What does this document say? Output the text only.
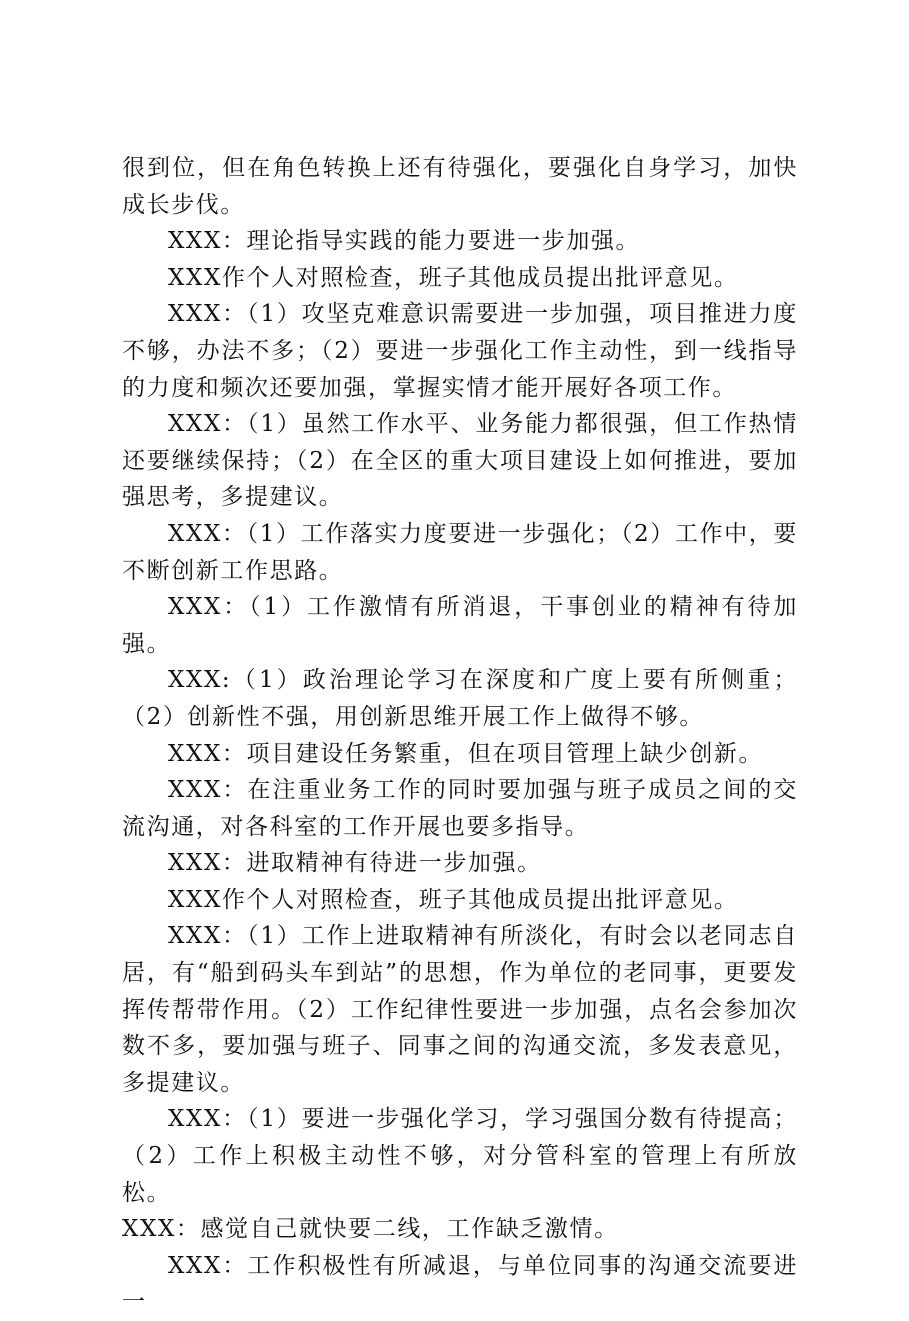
很到位，但在角色转换上还有待强化，要强化自身学习，加快成长步伐。

XXX：理论指导实践的能力要进一步加强。

XXX作个人对照检查，班子其他成员提出批评意见。

XXX：（1）攻坚克难意识需要进一步加强，项目推进力度不够，办法不多；（2）要进一步强化工作主动性，到一线指导的力度和频次还要加强，掌握实情才能开展好各项工作。

XXX：（1）虽然工作水平、业务能力都很强，但工作热情还要继续保持；（2）在全区的重大项目建设上如何推进，要加强思考，多提建议。

XXX：（1）工作落实力度要进一步强化；（2）工作中，要不断创新工作思路。

XXX：（1）工作激情有所消退，干事创业的精神有待加强。

XXX:（1）政治理论学习在深度和广度上要有所侧重；（2）创新性不强，用创新思维开展工作上做得不够。

XXX：项目建设任务繁重，但在项目管理上缺少创新。

XXX：在注重业务工作的同时要加强与班子成员之间的交流沟通，对各科室的工作开展也要多指导。

XXX：进取精神有待进一步加强。

XXX作个人对照检查，班子其他成员提出批评意见。

XXX：（1）工作上进取精神有所淡化，有时会以老同志自居，有“船到码头车到站”的思想，作为单位的老同事，更要发挥传帮带作用。（2）工作纪律性要进一步加强，点名会参加次数不多，要加强与班子、同事之间的沟通交流，多发表意见，多提建议。

XXX：（1）要进一步强化学习，学习强国分数有待提高；（2）工作上积极主动性不够，对分管科室的管理上有所放松。

XXX：感觉自己就快要二线，工作缺乏激情。

XXX：工作积极性有所减退，与单位同事的沟通交流要进一
